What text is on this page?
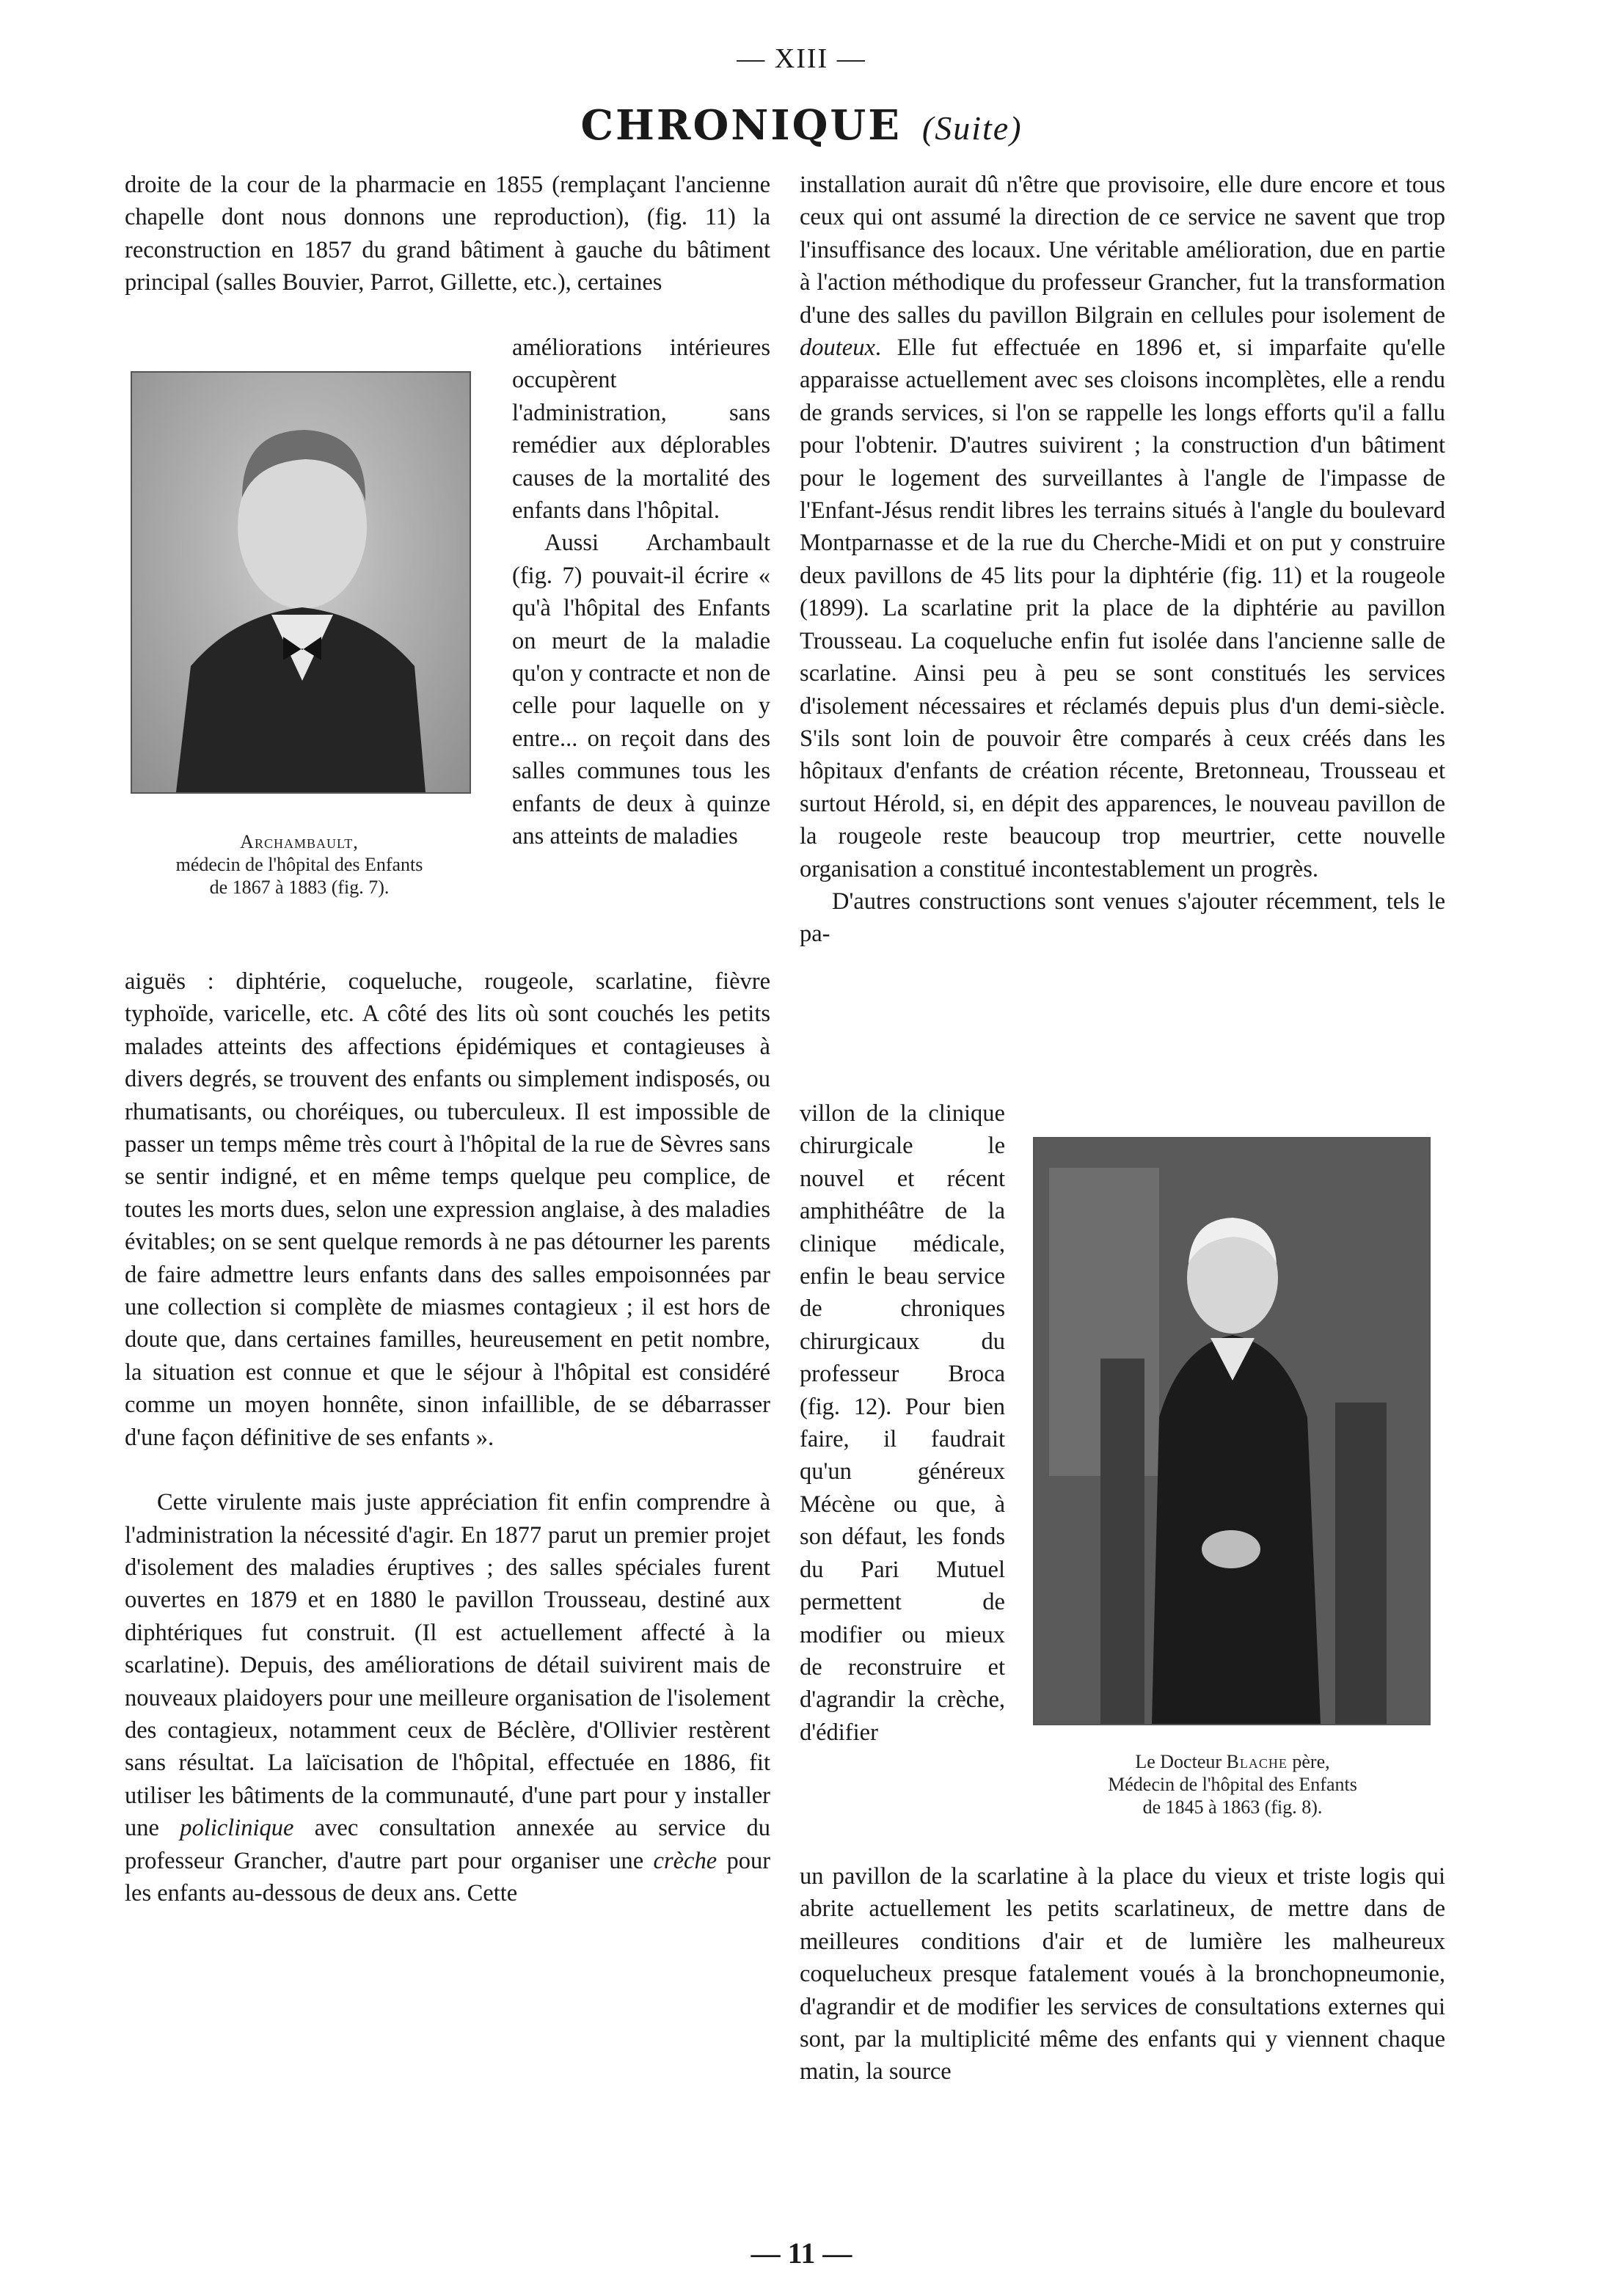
— XIII —
CHRONIQUE (Suite)

droite de la cour de la pharmacie en 1855 (remplaçant l'ancienne chapelle dont nous donnons une reproduction), (fig. 11) la reconstruction en 1857 du grand bâtiment à gauche du bâtiment principal (salles Bouvier, Parrot, Gillette, etc.), certaines

Archambault,
médecin de l'hôpital des Enfants
de 1867 à 1883 (fig. 7).

améliorations intérieures occupèrent l'administration, sans remédier aux déplorables causes de la mortalité des enfants dans l'hôpital.

Aussi Archambault (fig. 7) pouvait-il écrire « qu'à l'hôpital des Enfants on meurt de la maladie qu'on y contracte et non de celle pour laquelle on y entre... on reçoit dans des salles communes tous les enfants de deux à quinze ans atteints de maladies

aiguës : diphtérie, coqueluche, rougeole, scarlatine, fièvre typhoïde, varicelle, etc. A côté des lits où sont couchés les petits malades atteints des affections épidémiques et contagieuses à divers degrés, se trouvent des enfants ou simplement indisposés, ou rhumatisants, ou choréiques, ou tuberculeux. Il est impossible de passer un temps même très court à l'hôpital de la rue de Sèvres sans se sentir indigné, et en même temps quelque peu complice, de toutes les morts dues, selon une expression anglaise, à des maladies évitables; on se sent quelque remords à ne pas détourner les parents de faire admettre leurs enfants dans des salles empoisonnées par une collection si complète de miasmes contagieux ; il est hors de doute que, dans certaines familles, heureusement en petit nombre, la situation est connue et que le séjour à l'hôpital est considéré comme un moyen honnête, sinon infaillible, de se débarrasser d'une façon définitive de ses enfants ».

Cette virulente mais juste appréciation fit enfin comprendre à l'administration la nécessité d'agir. En 1877 parut un premier projet d'isolement des maladies éruptives ; des salles spéciales furent ouvertes en 1879 et en 1880 le pavillon Trousseau, destiné aux diphtériques fut construit. (Il est actuellement affecté à la scarlatine). Depuis, des améliorations de détail suivirent mais de nouveaux plaidoyers pour une meilleure organisation de l'isolement des contagieux, notamment ceux de Béclère, d'Ollivier restèrent sans résultat. La laïcisation de l'hôpital, effectuée en 1886, fit utiliser les bâtiments de la communauté, d'une part pour y installer une policlinique avec consultation annexée au service du professeur Grancher, d'autre part pour organiser une crèche pour les enfants au-dessous de deux ans. Cette

installation aurait dû n'être que provisoire, elle dure encore et tous ceux qui ont assumé la direction de ce service ne savent que trop l'insuffisance des locaux. Une véritable amélioration, due en partie à l'action méthodique du professeur Grancher, fut la transformation d'une des salles du pavillon Bilgrain en cellules pour isolement de douteux. Elle fut effectuée en 1896 et, si imparfaite qu'elle apparaisse actuellement avec ses cloisons incomplètes, elle a rendu de grands services, si l'on se rappelle les longs efforts qu'il a fallu pour l'obtenir. D'autres suivirent ; la construction d'un bâtiment pour le logement des surveillantes à l'angle de l'impasse de l'Enfant-Jésus rendit libres les terrains situés à l'angle du boulevard Montparnasse et de la rue du Cherche-Midi et on put y construire deux pavillons de 45 lits pour la diphtérie (fig. 11) et la rougeole (1899). La scarlatine prit la place de la diphtérie au pavillon Trousseau. La coqueluche enfin fut isolée dans l'ancienne salle de scarlatine. Ainsi peu à peu se sont constitués les services d'isolement nécessaires et réclamés depuis plus d'un demi-siècle. S'ils sont loin de pouvoir être comparés à ceux créés dans les hôpitaux d'enfants de création récente, Bretonneau, Trousseau et surtout Hérold, si, en dépit des apparences, le nouveau pavillon de la rougeole reste beaucoup trop meurtrier, cette nouvelle organisation a constitué incontestablement un progrès.

D'autres constructions sont venues s'ajouter récemment, tels le pa-

villon de la clinique chirurgicale le nouvel et récent amphithéâtre de la clinique médicale, enfin le beau service de chroniques chirurgicaux du professeur Broca (fig. 12). Pour bien faire, il faudrait qu'un généreux Mécène ou que, à son défaut, les fonds du Pari Mutuel permettent de modifier ou mieux de reconstruire et d'agrandir la crèche, d'édifier

Le Docteur Blache père,
Médecin de l'hôpital des Enfants
de 1845 à 1863 (fig. 8).

un pavillon de la scarlatine à la place du vieux et triste logis qui abrite actuellement les petits scarlatineux, de mettre dans de meilleures conditions d'air et de lumière les malheureux coquelucheux presque fatalement voués à la bronchopneumonie, d'agrandir et de modifier les services de consultations externes qui sont, par la multiplicité même des enfants qui y viennent chaque matin, la source

— 11 —
